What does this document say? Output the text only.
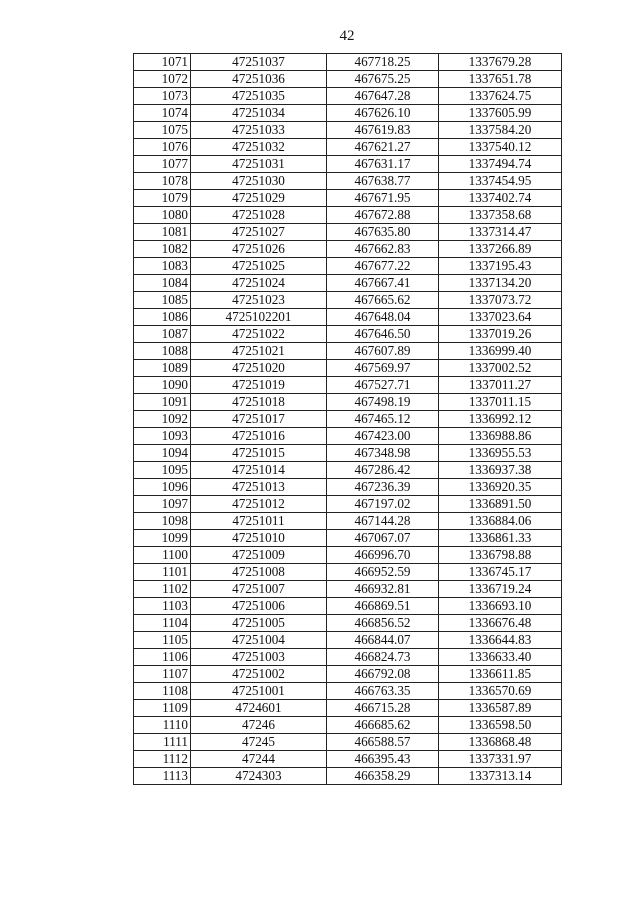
42
1071	47251037	467718.25	1337679.28
1072	47251036	467675.25	1337651.78
1073	47251035	467647.28	1337624.75
1074	47251034	467626.10	1337605.99
1075	47251033	467619.83	1337584.20
1076	47251032	467621.27	1337540.12
1077	47251031	467631.17	1337494.74
1078	47251030	467638.77	1337454.95
1079	47251029	467671.95	1337402.74
1080	47251028	467672.88	1337358.68
1081	47251027	467635.80	1337314.47
1082	47251026	467662.83	1337266.89
1083	47251025	467677.22	1337195.43
1084	47251024	467667.41	1337134.20
1085	47251023	467665.62	1337073.72
1086	4725102201	467648.04	1337023.64
1087	47251022	467646.50	1337019.26
1088	47251021	467607.89	1336999.40
1089	47251020	467569.97	1337002.52
1090	47251019	467527.71	1337011.27
1091	47251018	467498.19	1337011.15
1092	47251017	467465.12	1336992.12
1093	47251016	467423.00	1336988.86
1094	47251015	467348.98	1336955.53
1095	47251014	467286.42	1336937.38
1096	47251013	467236.39	1336920.35
1097	47251012	467197.02	1336891.50
1098	47251011	467144.28	1336884.06
1099	47251010	467067.07	1336861.33
1100	47251009	466996.70	1336798.88
1101	47251008	466952.59	1336745.17
1102	47251007	466932.81	1336719.24
1103	47251006	466869.51	1336693.10
1104	47251005	466856.52	1336676.48
1105	47251004	466844.07	1336644.83
1106	47251003	466824.73	1336633.40
1107	47251002	466792.08	1336611.85
1108	47251001	466763.35	1336570.69
1109	4724601	466715.28	1336587.89
1110	47246	466685.62	1336598.50
1111	47245	466588.57	1336868.48
1112	47244	466395.43	1337331.97
1113	4724303	466358.29	1337313.14
